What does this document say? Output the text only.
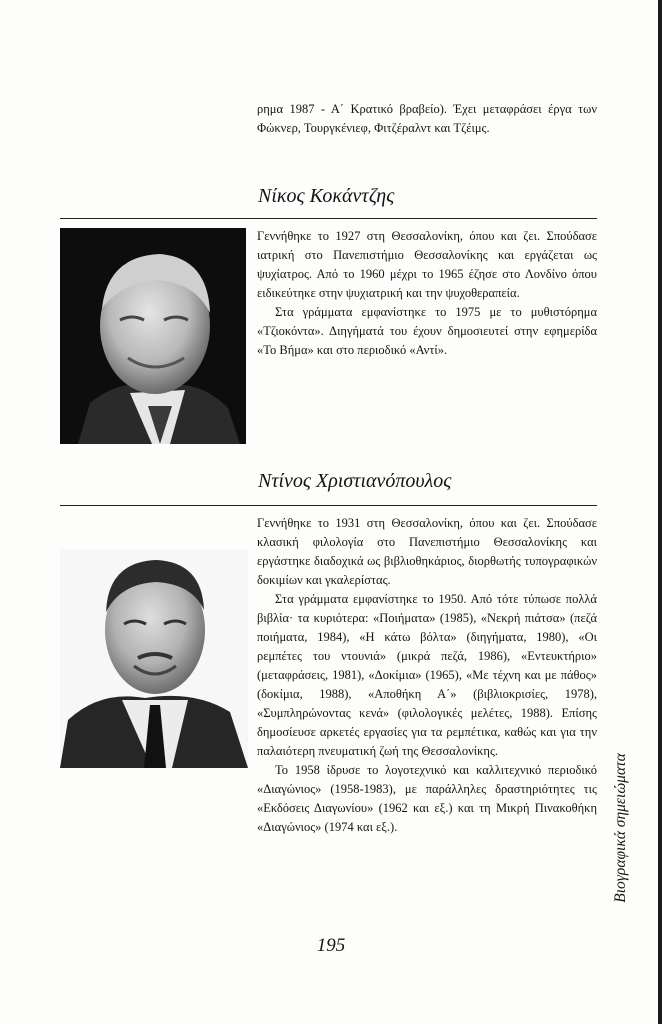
ρημα 1987 - Α΄ Κρατικό βραβείο). Έχει μεταφράσει έργα των Φώκνερ, Τουργκένιεφ, Φιτζέραλντ και Τζέιμς.

Νίκος Κοκάντζης

Γεννήθηκε το 1927 στη Θεσσαλονίκη, όπου και ζει. Σπούδασε ιατρική στο Πανεπιστήμιο Θεσσαλονίκης και εργάζεται ως ψυχίατρος. Από το 1960 μέχρι το 1965 έζησε στο Λονδίνο όπου ειδικεύτηκε στην ψυχιατρική και την ψυχοθεραπεία.

Στα γράμματα εμφανίστηκε το 1975 με το μυθιστόρημα «Τζιοκόντα». Διηγήματά του έχουν δημοσιευτεί στην εφημερίδα «Το Βήμα» και στο περιοδικό «Αντί».

Ντίνος Χριστιανόπουλος

Γεννήθηκε το 1931 στη Θεσσαλονίκη, όπου και ζει. Σπούδασε κλασική φιλολογία στο Πανεπιστήμιο Θεσσαλονίκης και εργάστηκε διαδοχικά ως βιβλιοθηκάριος, διορθωτής τυπογραφικών δοκιμίων και γκαλερίστας.

Στα γράμματα εμφανίστηκε το 1950. Από τότε τύπωσε πολλά βιβλία· τα κυριότερα: «Ποιήματα» (1985), «Νεκρή πιάτσα» (πεζά ποιήματα, 1984), «Η κάτω βόλτα» (διηγήματα, 1980), «Οι ρεμπέτες του ντουνιά» (μικρά πεζά, 1986), «Εντευκτήριο» (μεταφράσεις, 1981), «Δοκίμια» (1965), «Με τέχνη και με πάθος» (δοκίμια, 1988), «Αποθήκη Α΄» (βιβλιοκρισίες, 1978), «Συμπληρώνοντας κενά» (φιλολογικές μελέτες, 1988). Επίσης δημοσίευσε αρκετές εργασίες για τα ρεμπέτικα, καθώς και για την παλαιότερη πνευματική ζωή της Θεσσαλονίκης.

Το 1958 ίδρυσε το λογοτεχνικό και καλλιτεχνικό περιοδικό «Διαγώνιος» (1958-1983), με παράλληλες δραστηριότητες τις «Εκδόσεις Διαγωνίου» (1962 και εξ.) και τη Μικρή Πινακοθήκη «Διαγώνιος» (1974 και εξ.).	Βιογραφικά σημειώματα
195
